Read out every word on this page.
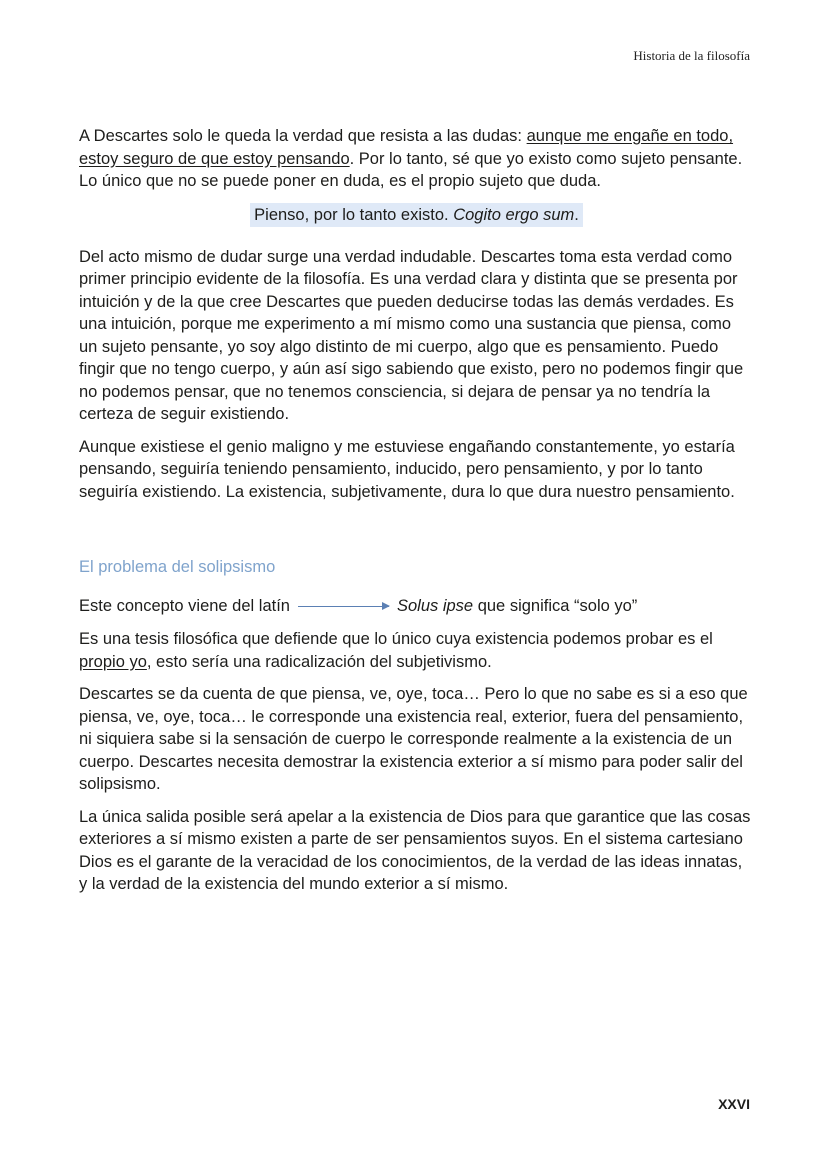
Historia de la filosofía

A Descartes solo le queda la verdad que resista a las dudas: aunque me engañe en todo, estoy seguro de que estoy pensando. Por lo tanto, sé que yo existo como sujeto pensante. Lo único que no se puede poner en duda, es el propio sujeto que duda.

Pienso, por lo tanto existo. Cogito ergo sum.

Del acto mismo de dudar surge una verdad indudable. Descartes toma esta verdad como primer principio evidente de la filosofía. Es una verdad clara y distinta que se presenta por intuición y de la que cree Descartes que pueden deducirse todas las demás verdades. Es una intuición, porque me experimento a mí mismo como una sustancia que piensa, como un sujeto pensante, yo soy algo distinto de mi cuerpo, algo que es pensamiento. Puedo fingir que no tengo cuerpo, y aún así sigo sabiendo que existo, pero no podemos fingir que no podemos pensar, que no tenemos consciencia, si dejara de pensar ya no tendría la certeza de seguir existiendo.

Aunque existiese el genio maligno y me estuviese engañando constantemente, yo estaría pensando, seguiría teniendo pensamiento, inducido, pero pensamiento, y por lo tanto seguiría existiendo. La existencia, subjetivamente, dura lo que dura nuestro pensamiento.

El problema del solipsismo
Este concepto viene del latín	Solus ipse que significa “solo yo”

Es una tesis filosófica que defiende que lo único cuya existencia podemos probar es el propio yo, esto sería una radicalización del subjetivismo.

Descartes se da cuenta de que piensa, ve, oye, toca… Pero lo que no sabe es si a eso que piensa, ve, oye, toca… le corresponde una existencia real, exterior, fuera del pensamiento, ni siquiera sabe si la sensación de cuerpo le corresponde realmente a la existencia de un cuerpo. Descartes necesita demostrar la existencia exterior a sí mismo para poder salir del solipsismo.

La única salida posible será apelar a la existencia de Dios para que garantice que las cosas exteriores a sí mismo existen a parte de ser pensamientos suyos. En el sistema cartesiano Dios es el garante de la veracidad de los conocimientos, de la verdad de las ideas innatas, y la verdad de la existencia del mundo exterior a sí mismo.

XXVI
